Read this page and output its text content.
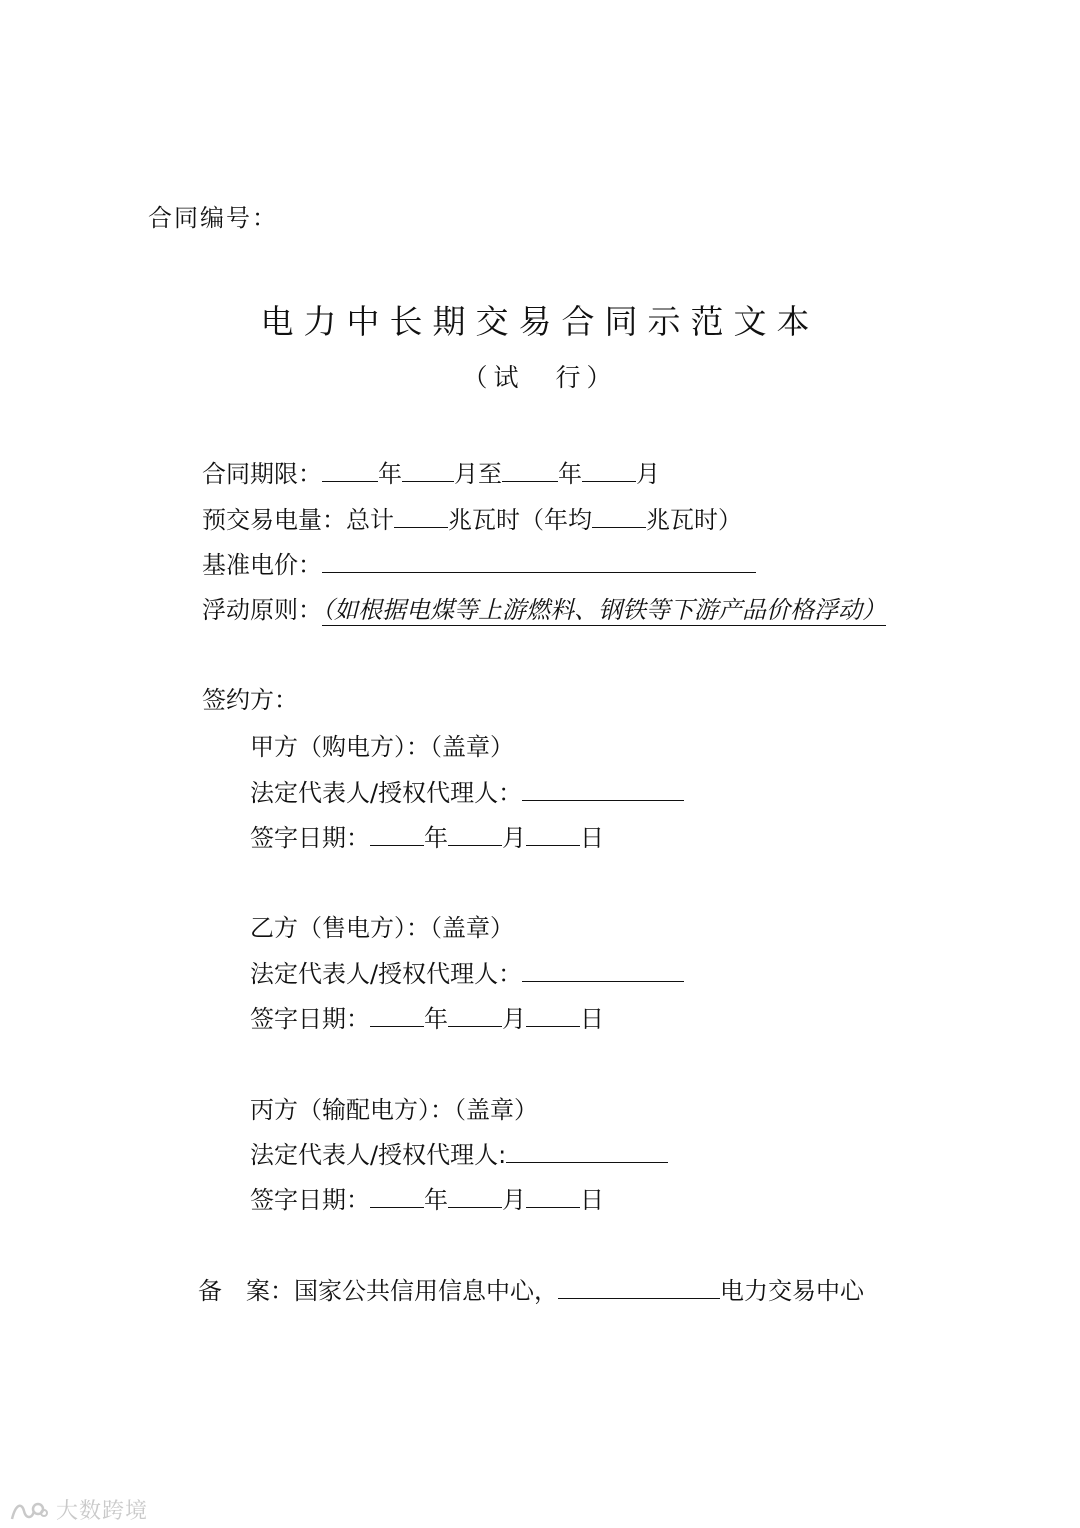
合同编号：
电力中长期交易合同示范文本
（试　行）
合同期限： 年 月至 年 月
预交易电量：总计 兆瓦时（年均 兆瓦时）
基准电价：
浮动原则：（如根据电煤等上游燃料、钢铁等下游产品价格浮动）
签约方：
甲方（购电方）：（盖章）
法定代表人/授权代理人：
签字日期： 年 月 日
乙方（售电方）：（盖章）
法定代表人/授权代理人：
签字日期： 年 月 日
丙方（输配电方）：（盖章）
法定代表人/授权代理人:
签字日期： 年 月 日
备　案：国家公共信用信息中心，	电力交易中心
大数跨境
